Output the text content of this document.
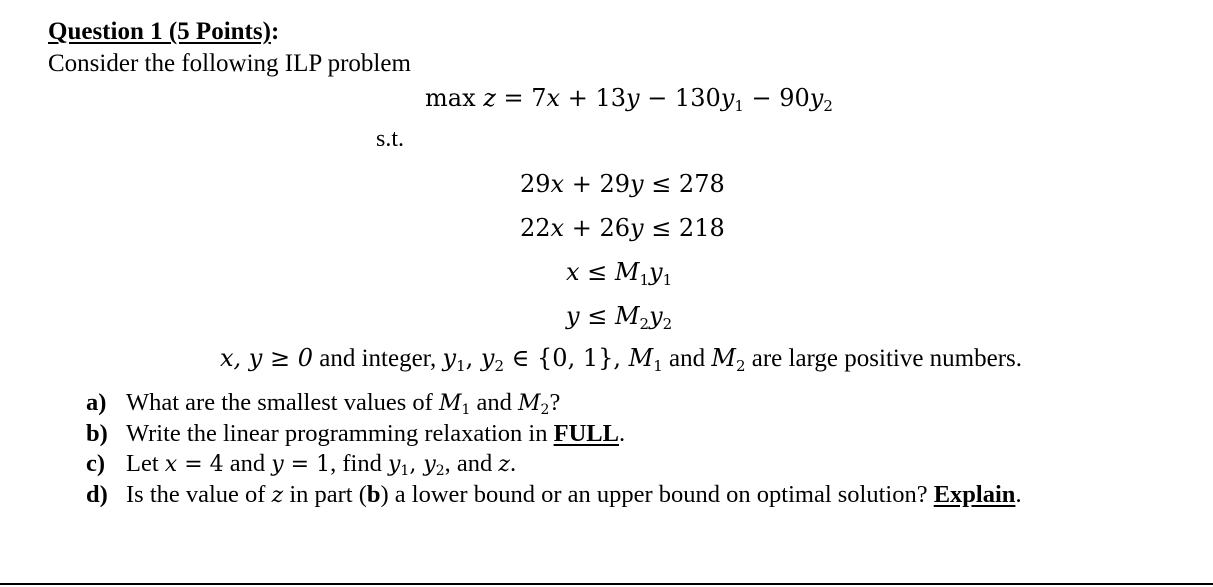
Question 1 (5 Points):
Consider the following ILP problem
$\max z = 7x + 13y - 130y_1 - 90y_2$
s.t.
29x + 29y ≤ 278
22x + 26y ≤ 218
$x \le M_1y_1$
$y \le M_2y_2$
x, y ≥ 0 and integer, $y_1$, $y_2$ ∈ {0, 1}, $M_1$ and $M_2$ are large positive numbers.
a) What are the smallest values of $M_1$ and $M_2$?
b) Write the linear programming relaxation in FULL.
c) Let x = 4 and y = 1, find $y_1$, $y_2$, and z.
d) Is the value of z in part (b) a lower bound or an upper bound on optimal solution? Explain.
